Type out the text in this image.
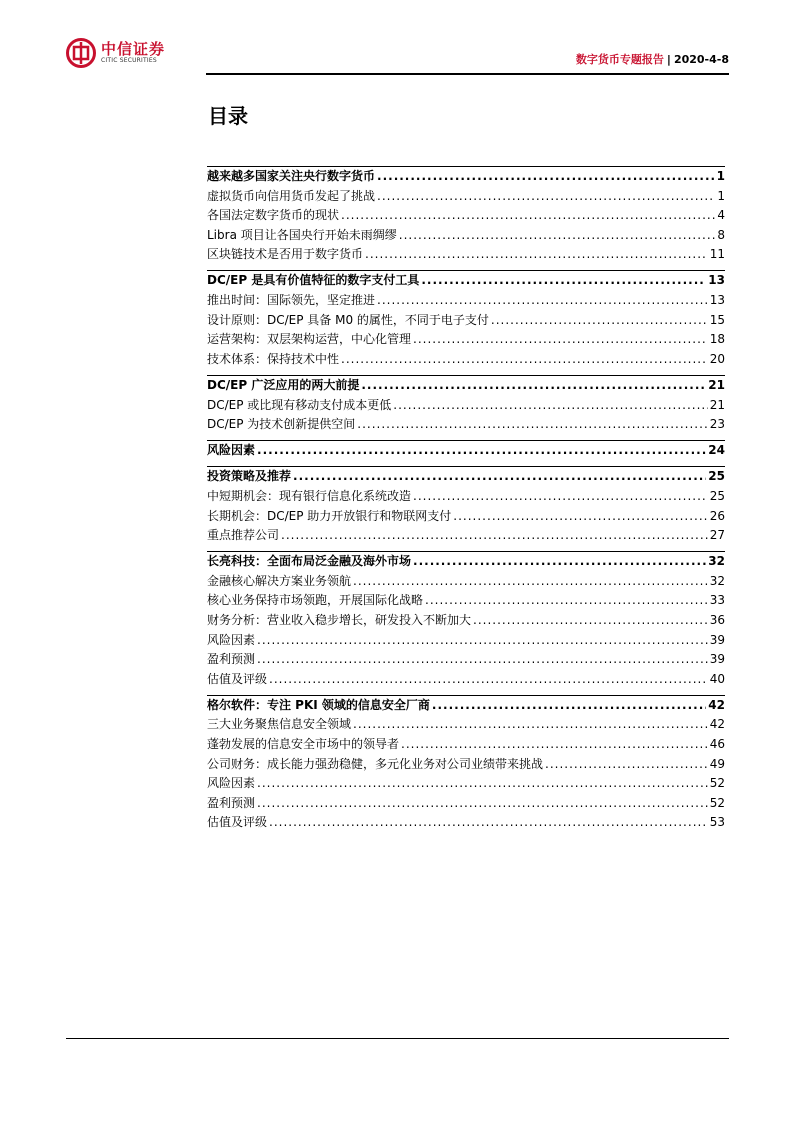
中信证券
CITIC SECURITIES	数字货币专题报告 | 2020-4-8
目录
越来越多国家关注央行数字货币 .....	1
虚拟货币向信用货币发起了挑战 .....	1
各国法定数字货币的现状 .....	4
Libra 项目让各国央行开始未雨绸缪 .....	8
区块链技术是否用于数字货币 .....	11
DC/EP 是具有价值特征的数字支付工具 .....	13
推出时间：国际领先，坚定推进 .....	13
设计原则：DC/EP 具备 M0 的属性，不同于电子支付 .....	15
运营架构：双层架构运营，中心化管理 .....	18
技术体系：保持技术中性 .....	20
DC/EP 广泛应用的两大前提 .....	21
DC/EP 或比现有移动支付成本更低 .....	21
DC/EP 为技术创新提供空间 .....	23
风险因素 .....	24
投资策略及推荐 .....	25
中短期机会：现有银行信息化系统改造 .....	25
长期机会：DC/EP 助力开放银行和物联网支付 .....	26
重点推荐公司 .....	27
长亮科技：全面布局泛金融及海外市场 .....	32
金融核心解决方案业务领航 .....	32
核心业务保持市场领跑，开展国际化战略 .....	33
财务分析：营业收入稳步增长，研发投入不断加大 .....	36
风险因素 .....	39
盈利预测 .....	39
估值及评级 .....	40
格尔软件：专注 PKI 领域的信息安全厂商 .....	42
三大业务聚焦信息安全领域 .....	42
蓬勃发展的信息安全市场中的领导者 .....	46
公司财务：成长能力强劲稳健，多元化业务对公司业绩带来挑战 .....	49
风险因素 .....	52
盈利预测 .....	52
估值及评级 .....	53
